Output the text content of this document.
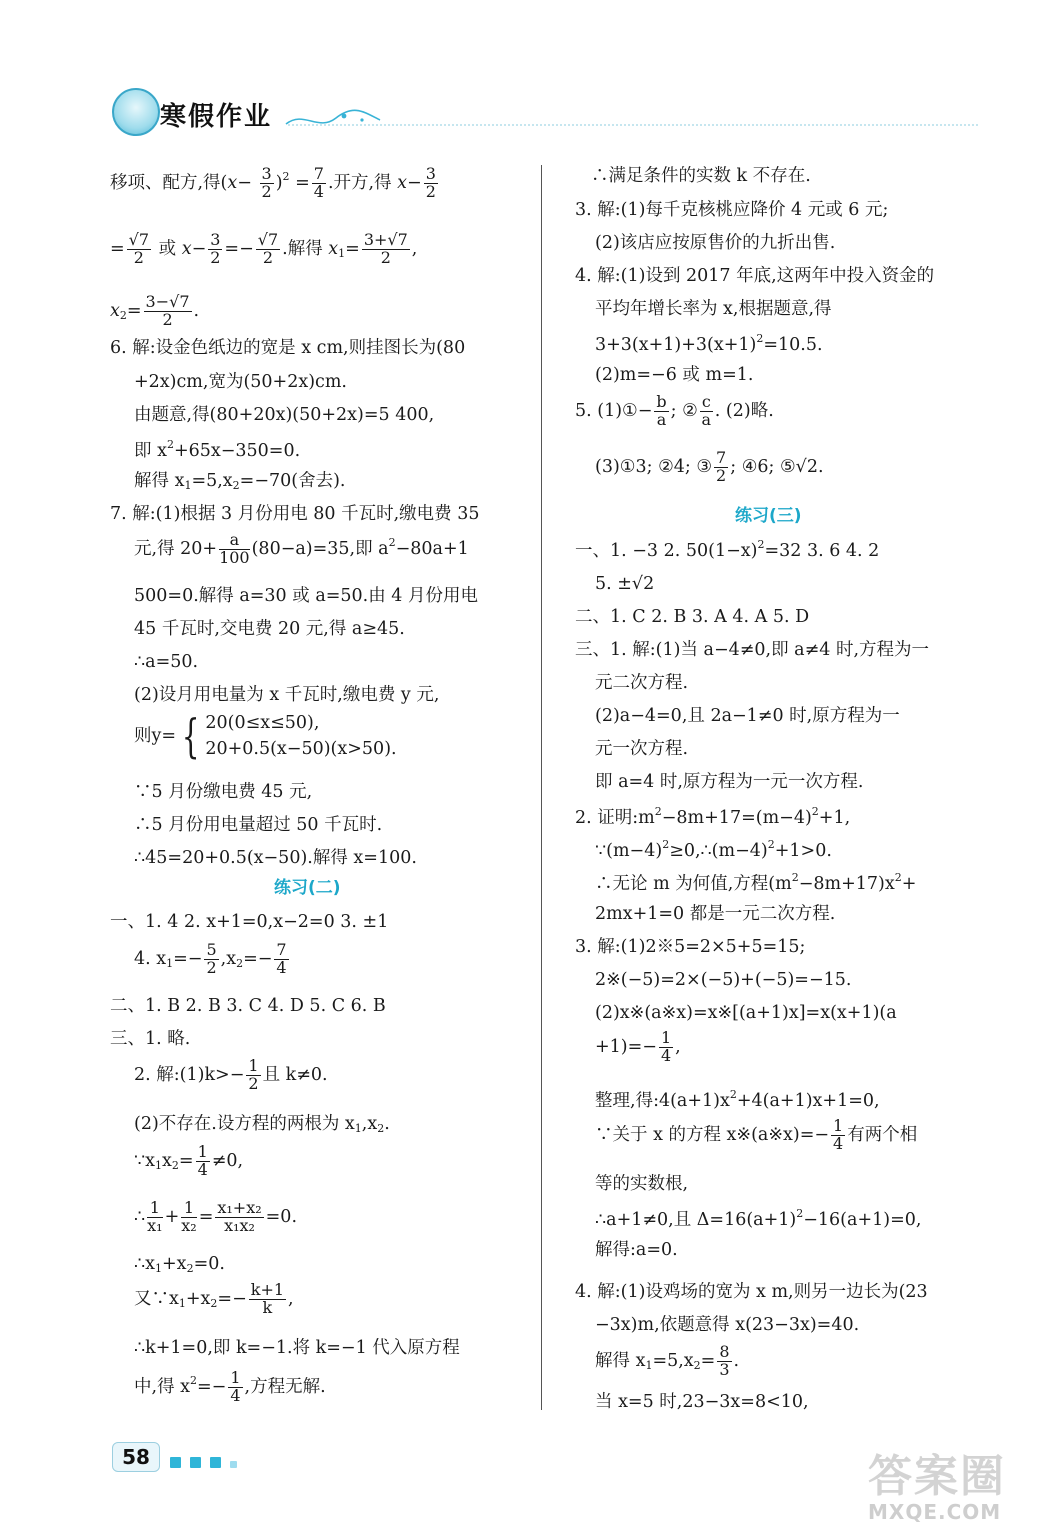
寒假作业
移项、配方,得$(x- \frac{3}{2} )^2 = \frac{7}{4}$ .开方,得 $x- \frac{3}{2}$
= $\frac{√7}{2}$ 或 $x- \frac{3}{2} =- \frac{√7}{2}$ .解得 $x_1= \frac{3+√7}{2}$ ,
$x_2= \frac{3-√7}{2}$ .
6. 解:设金色纸边的宽是 x cm,则挂图长为(80
+2x)cm,宽为(50+2x)cm.
由题意,得(80+20x)(50+2x)=5 400,
即 $x^2+65x-350=0$.
解得 $x_1=5,x_2=-70$(舍去).
7. 解:(1)根据 3 月份用电 80 千瓦时,缴电费 35
元,得 $20+ \frac{a}{100} (80-a)=35$,即 $a^2-80a+1$
500=0.解得 a=30 或 a=50.由 4 月份用电
45 千瓦时,交电费 20 元,得 a≥45.
∴a=50.
(2)设月用电量为 x 千瓦时,缴电费 y 元,
则y= { 20(0≤x≤50),
20+0.5(x−50)(x>50).
∵5 月份缴电费 45 元,
∴5 月份用电量超过 50 千瓦时.
∴45=20+0.5(x−50).解得 x=100.
练习(二)
一、1. 4 2. x+1=0,x−2=0 3. ±1
4. $x_1=- \frac{5}{2} ,x_2=- \frac{7}{4}$
二、1. B 2. B 3. C 4. D 5. C 6. B
三、1. 略.
2. 解:(1)k>− $\frac{1}{2}$ 且 k≠0.
(2)不存在.设方程的两根为 $x_1,x_2$.
$\because x_1x_2= \frac{1}{4} \ne 0$,
∴ $\frac{1}{\text{x₁}} + \frac{1}{\text{x₂}} = \frac{\text{x₁+x₂}}{\text{x₁x₂}} =0$.
$\therefore x_1+x_2=0$.
又$\because x_1+x_2=- \frac{k+1}{k}$ ,
∴k+1=0,即 k=−1.将 k=−1 代入原方程
中,得 $x^2=- \frac{1}{4}$ ,方程无解.
∴满足条件的实数 k 不存在.
3. 解:(1)每千克核桃应降价 4 元或 6 元;
(2)该店应按原售价的九折出售.
4. 解:(1)设到 2017 年底,这两年中投入资金的
平均年增长率为 x,根据题意,得
$3+3(x+1)+3(x+1)^2=10.5$.
(2)m=−6 或 m=1.
5. (1)①− $\frac{b}{a}$ ; ② $\frac{c}{a}$ . (2)略.
(3)①3; ②4; ③ $\frac{7}{2}$ ; ④6; ⑤√2.
练习(三)
一、1. −3 2. $50(1-x)^2=32$ 3. 6 4. 2
5. ±√2
二、1. C 2. B 3. A 4. A 5. D
三、1. 解:(1)当 a−4≠0,即 a≠4 时,方程为一
元二次方程.
(2)a−4=0,且 2a−1≠0 时,原方程为一
元一次方程.
即 a=4 时,原方程为一元一次方程.
2. 证明$:m^2-8m+17=(m-4)^2+1$,
$\because(m-4)^2\ge 0,\therefore(m-4)^2+1>0$.
∴无论 m 为何值,方程$(m^2-8m+17)x^2+$
2mx+1=0 都是一元二次方程.
3. 解:(1)2※5=2×5+5=15;
2※(−5)=2×(−5)+(−5)=−15.
(2)x※(a※x)=x※[(a+1)x]=x(x+1)(a
$+1)=- \frac{1}{4}$ ,
整理,得$:4(a+1)x^2+4(a+1)x+1=0$,
∵关于 x 的方程 x※(a※x)=− $\frac{1}{4}$ 有两个相
等的实数根,
∴a+1≠0,且 $\Delta=16(a+1)^2-16(a+1)=0$,
解得:a=0.
4. 解:(1)设鸡场的宽为 x m,则另一边长为(23
−3x)m,依题意得 x(23−3x)=40.
解得 $x_1=5,x_2= \frac{8}{3}$ .
当 x=5 时,23−3x=8<10,
58	答案圈
MXQE.COM
